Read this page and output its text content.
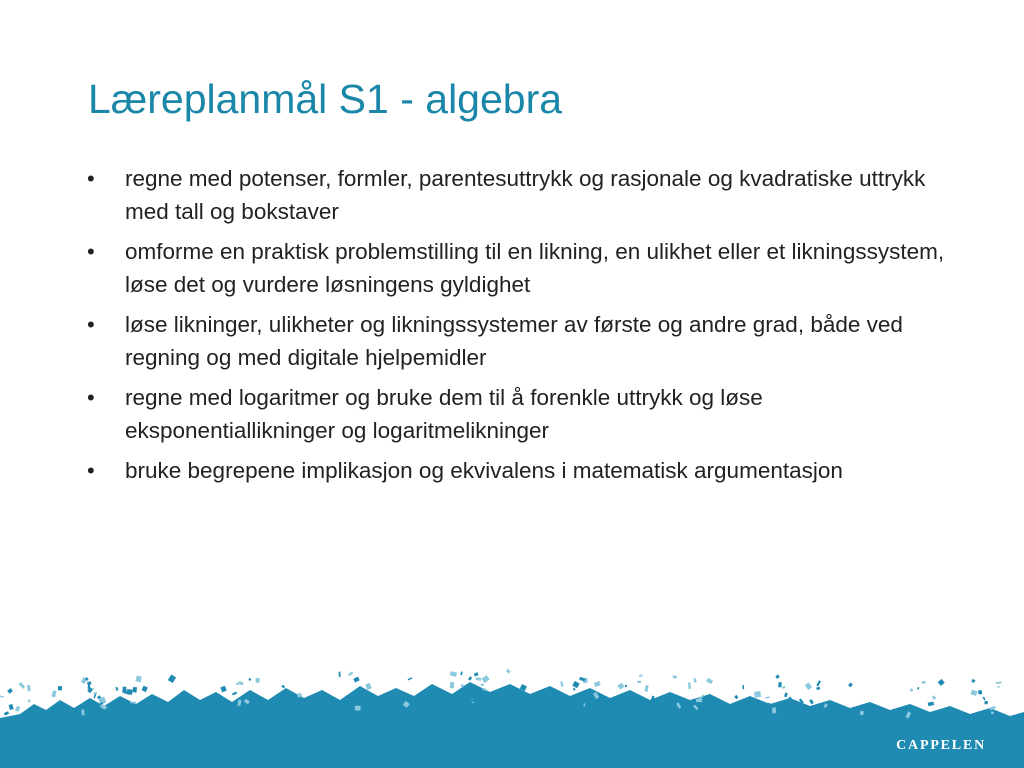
Læreplanmål S1 - algebra
•	regne med potenser, formler, parentesuttrykk og rasjonale og kvadratiske uttrykk med tall og bokstaver
•	omforme en praktisk problemstilling til en likning, en ulikhet eller et likningssystem, løse det og vurdere løsningens gyldighet
•	løse likninger, ulikheter og likningssystemer av første og andre grad, både ved regning og med digitale hjelpemidler
•	regne med logaritmer og bruke dem til å forenkle uttrykk og løse eksponentiallikninger og logaritmelikninger
•	bruke begrepene implikasjon og ekvivalens i matematisk argumentasjon
CAPPELEN
